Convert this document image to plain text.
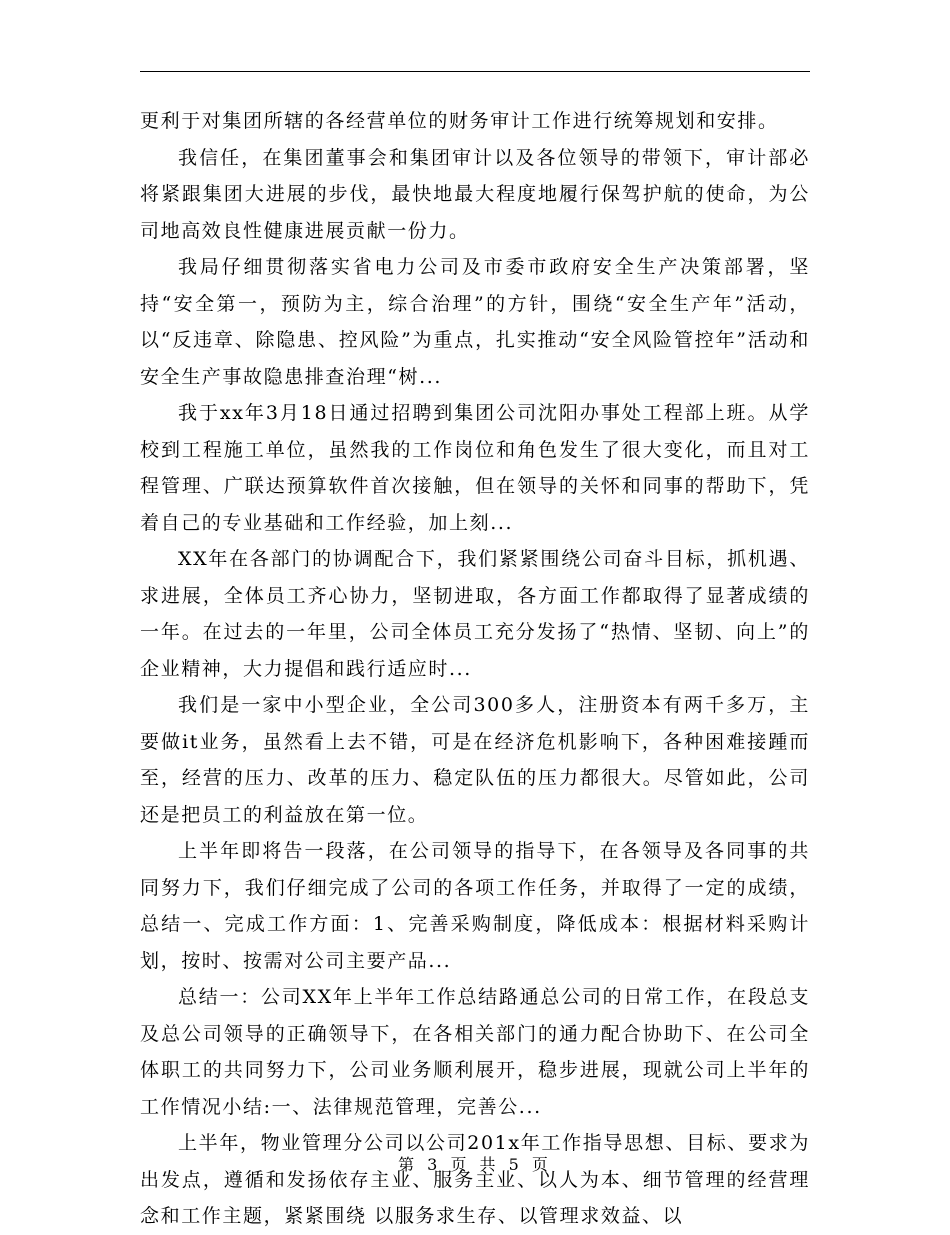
更利于对集团所辖的各经营单位的财务审计工作进行统筹规划和安排。

我信任，在集团董事会和集团审计以及各位领导的带领下，审计部必将紧跟集团大进展的步伐，最快地最大程度地履行保驾护航的使命，为公司地高效良性健康进展贡献一份力。

我局仔细贯彻落实省电力公司及市委市政府安全生产决策部署，坚持“安全第一，预防为主，综合治理”的方针，围绕“安全生产年”活动，以“反违章、除隐患、控风险”为重点，扎实推动“安全风险管控年”活动和安全生产事故隐患排查治理“树...

我于xx年3月18日通过招聘到集团公司沈阳办事处工程部上班。从学校到工程施工单位，虽然我的工作岗位和角色发生了很大变化，而且对工程管理、广联达预算软件首次接触，但在领导的关怀和同事的帮助下，凭着自己的专业基础和工作经验，加上刻...

XX年在各部门的协调配合下，我们紧紧围绕公司奋斗目标，抓机遇、求进展，全体员工齐心协力，坚韧进取，各方面工作都取得了显著成绩的一年。在过去的一年里，公司全体员工充分发扬了“热情、坚韧、向上”的企业精神，大力提倡和践行适应时...

我们是一家中小型企业，全公司300多人，注册资本有两千多万，主要做it业务，虽然看上去不错，可是在经济危机影响下，各种困难接踵而至，经营的压力、改革的压力、稳定队伍的压力都很大。尽管如此，公司还是把员工的利益放在第一位。

上半年即将告一段落，在公司领导的指导下，在各领导及各同事的共同努力下，我们仔细完成了公司的各项工作任务，并取得了一定的成绩，总结一、完成工作方面：1、完善采购制度，降低成本：根据材料采购计划，按时、按需对公司主要产品...

总结一：公司XX年上半年工作总结路通总公司的日常工作，在段总支及总公司领导的正确领导下，在各相关部门的通力配合协助下、在公司全体职工的共同努力下，公司业务顺利展开，稳步进展，现就公司上半年的工作情况小结:一、法律规范管理，完善公...

上半年，物业管理分公司以公司201x年工作指导思想、目标、要求为出发点，遵循和发扬依存主业、服务主业、以人为本、细节管理的经营理念和工作主题，紧紧围绕 以服务求生存、以管理求效益、以

第 3 页 共 5 页
